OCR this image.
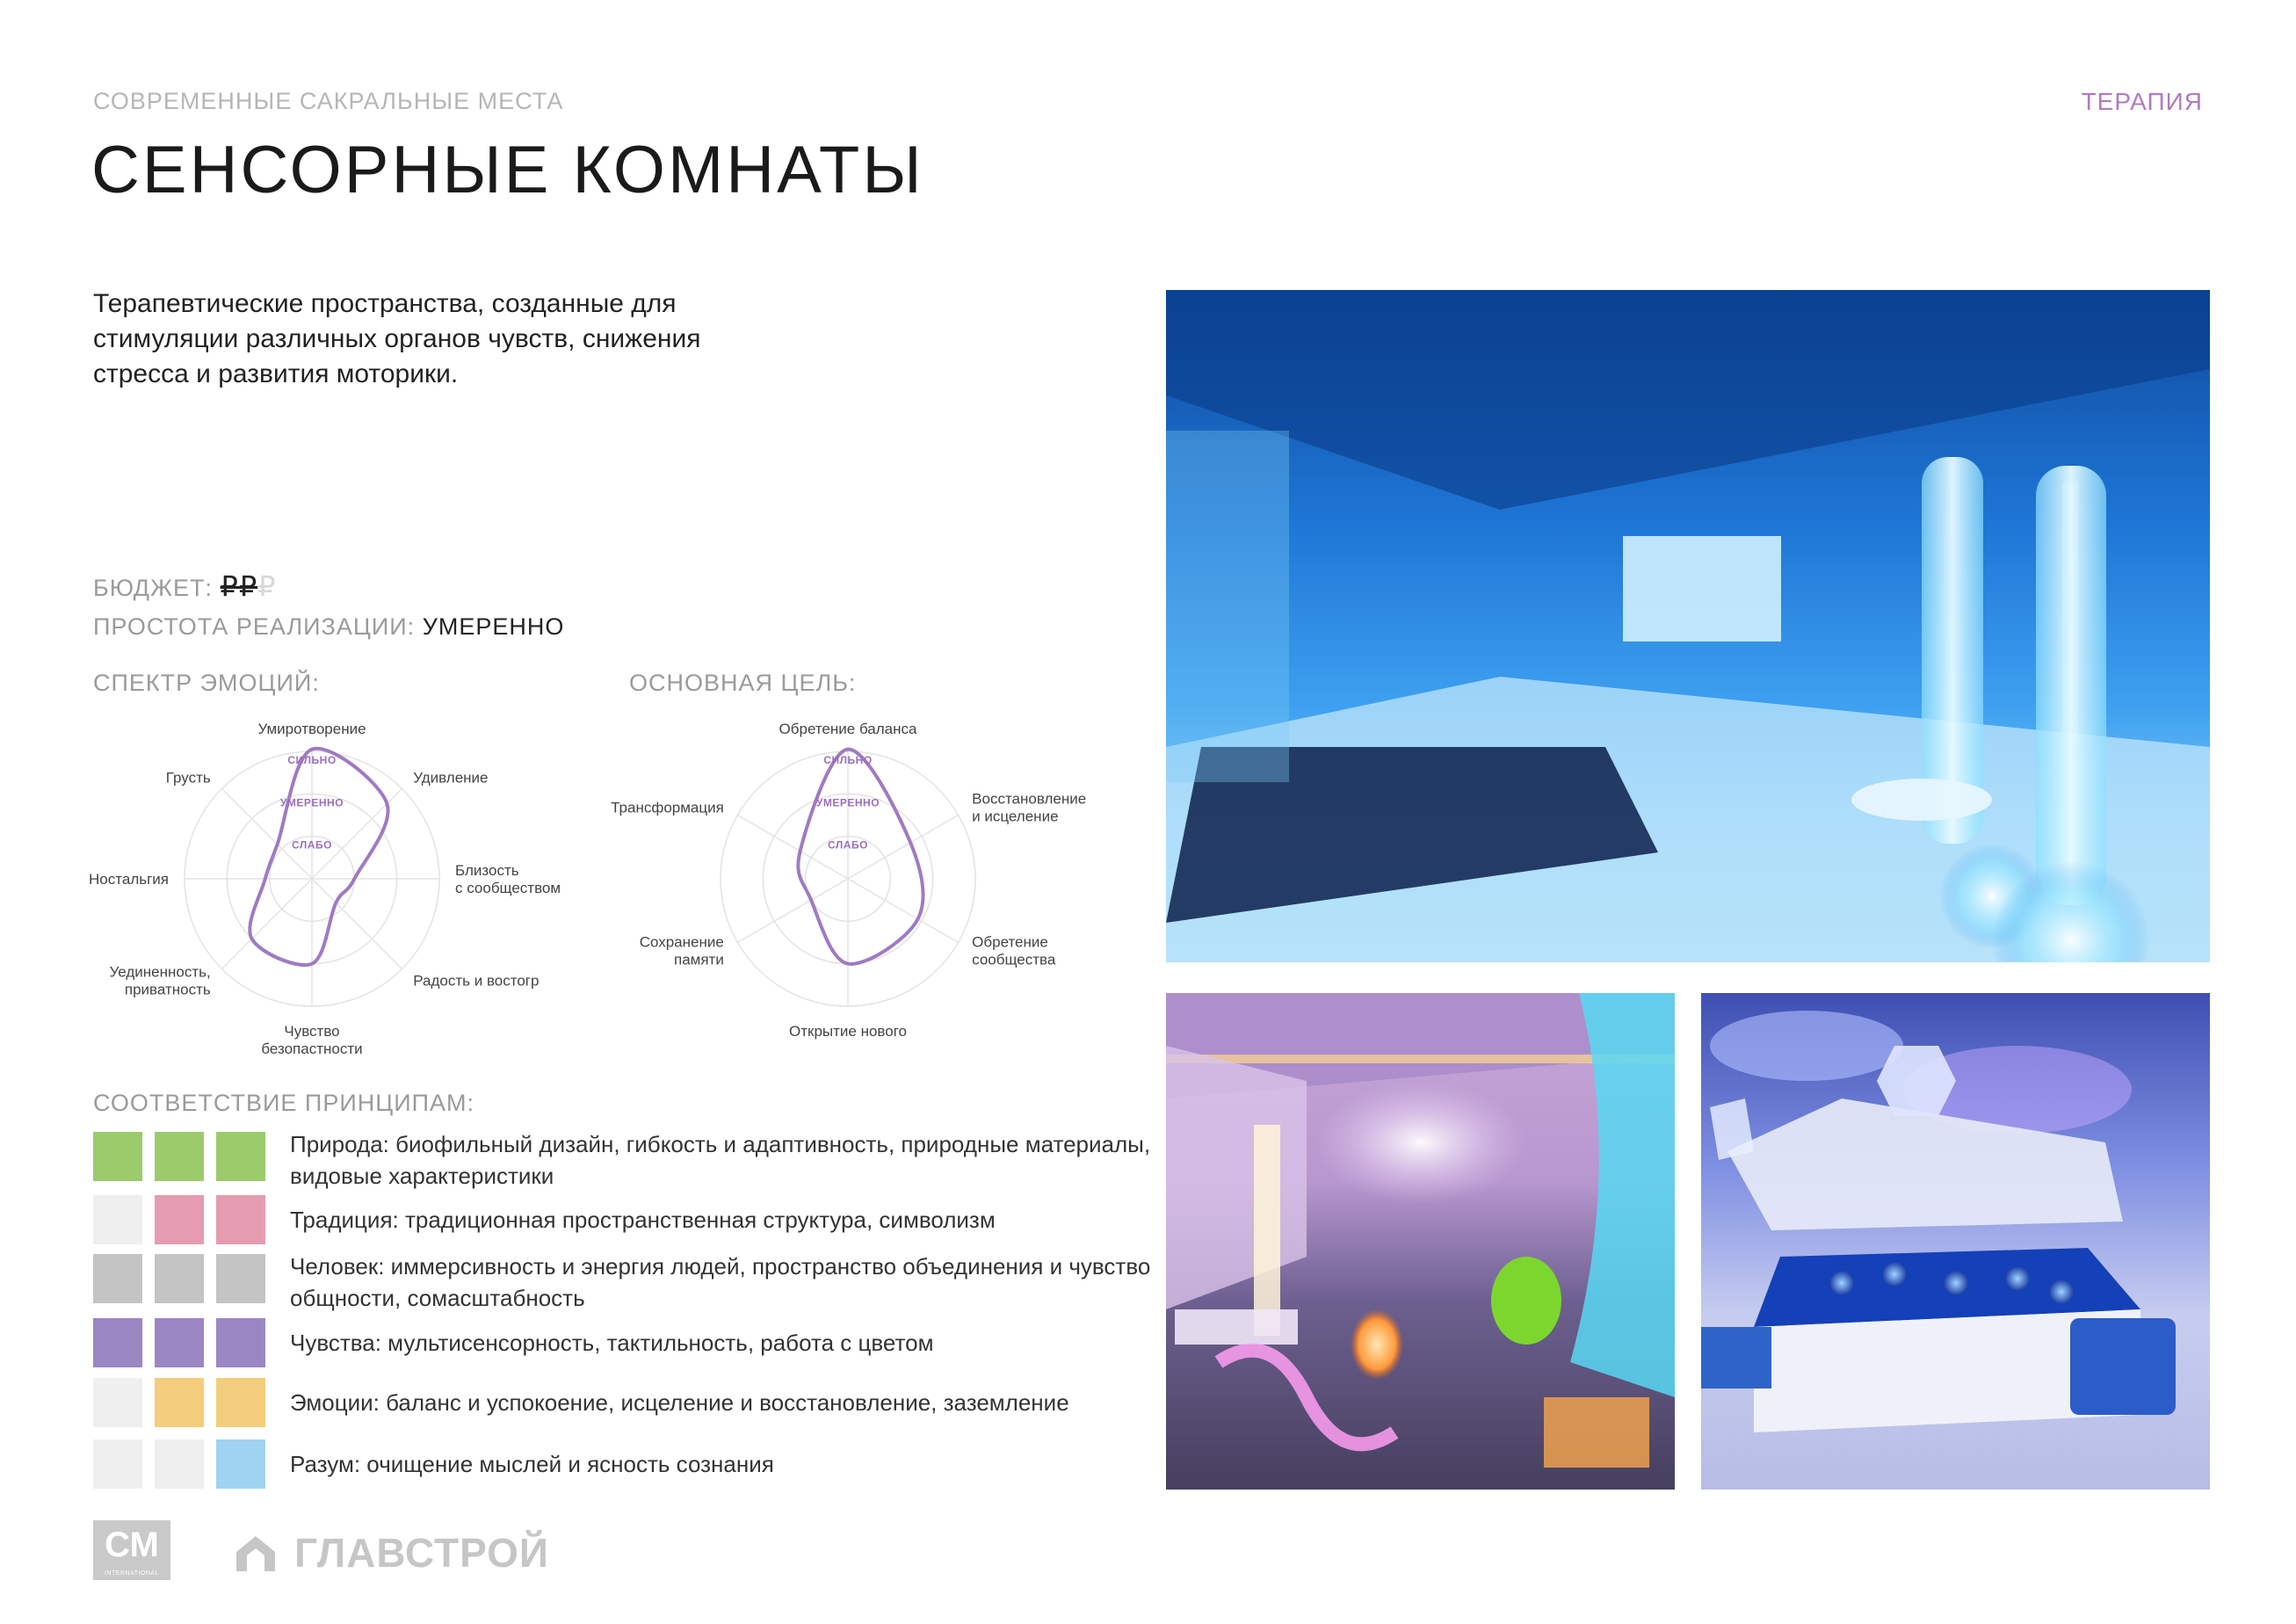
СОВРЕМЕННЫЕ САКРАЛЬНЫЕ МЕСТА	ТЕРАПИЯ
СЕНСОРНЫЕ КОМНАТЫ
Терапевтические пространства, созданные для стимуляции различных органов чувств, снижения стресса и развития моторики.
БЮДЖЕТ: ₽₽₽
ПРОСТОТА РЕАЛИЗАЦИИ: УМЕРЕННО
СПЕКТР ЭМОЦИЙ:	ОСНОВНАЯ ЦЕЛЬ:
Умиротворение
Удивление
Близость с сообществом
Радость и востогр
Чувство безопастности
Уединенность, приватность
Ностальгия
Грусть
СИЛЬНО
УМЕРЕННО
СЛАБО
Обретение баланса
Восстановление и исцеление
Обретение сообщества
Открытие нового
Сохранение памяти
Трансформация
СИЛЬНО
УМЕРЕННО
СЛАБО
СООТВЕТСТВИЕ ПРИНЦИПАМ:
Природа: биофильный дизайн, гибкость и адаптивность, природные материалы, видовые характеристики
Традиция: традиционная пространственная структура, символизм
Человек: иммерсивность и энергия людей, пространство объединения и чувство общности, сомасштабность
Чувства: мультисенсорность, тактильность, работа с цветом
Эмоции: баланс и успокоение, исцеление и восстановление, заземление
Разум: очищение мыслей и ясность сознания
СМ
INTERNATIONAL	ГЛАВСТРОЙ
